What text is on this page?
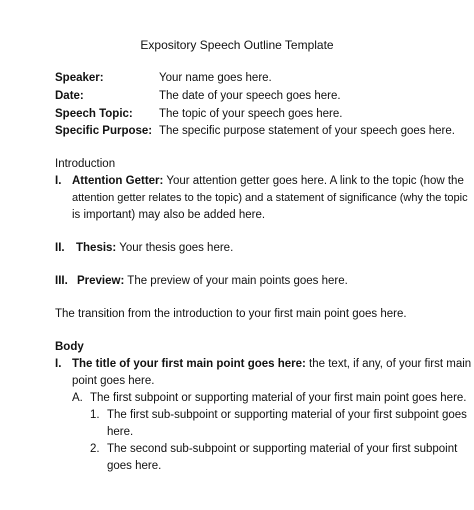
Expository Speech Outline Template
Speaker:	Your name goes here.
Date:	The date of your speech goes here.
Speech Topic: The topic of your speech goes here.
Specific Purpose: The specific purpose statement of your speech goes here.
Introduction
I. Attention Getter: Your attention getter goes here. A link to the topic (how the
attention getter relates to the topic) and a statement of significance (why the topic
is important) may also be added here.
II. Thesis: Your thesis goes here.
III. Preview: The preview of your main points goes here.
The transition from the introduction to your first main point goes here.
Body
I. The title of your first main point goes here: the text, if any, of your first main
point goes here.
A. The first subpoint or supporting material of your first main point goes here.
1. The first sub-subpoint or supporting material of your first subpoint goes
here.
2. The second sub-subpoint or supporting material of your first subpoint
goes here.
